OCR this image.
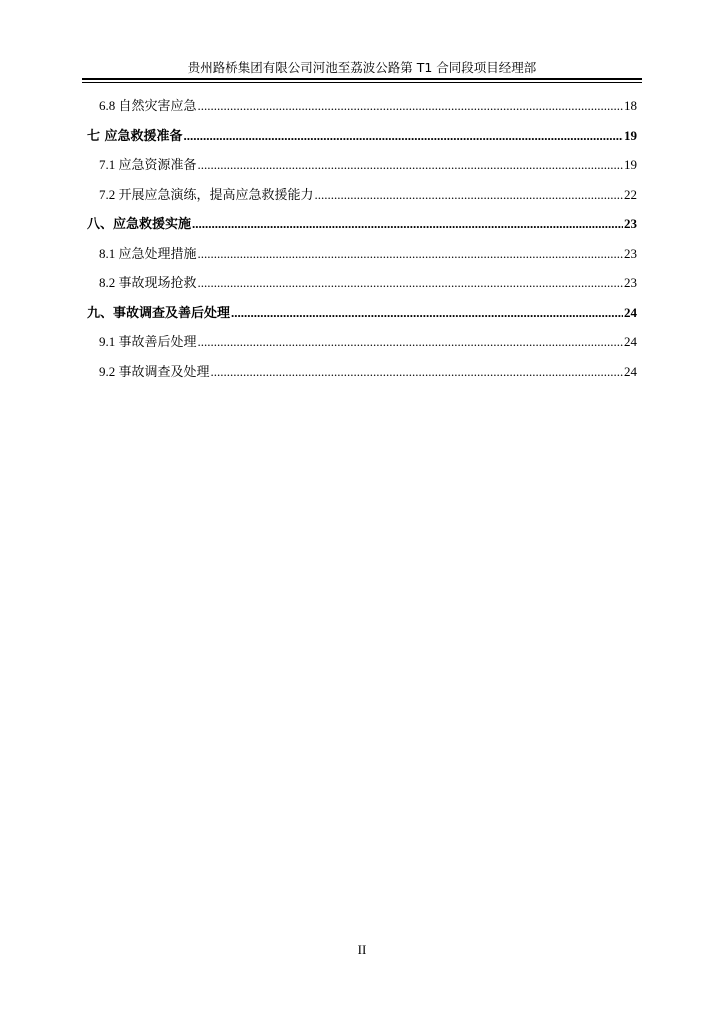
贵州路桥集团有限公司河池至荔波公路第 T1 合同段项目经理部
6.8 自然灾害应急 .....	18
七 应急救援准备 .....	19
7.1 应急资源准备 .....	19
7.2 开展应急演练，提高应急救援能力 .....	22
八、应急救援实施 .....	23
8.1 应急处理措施 .....	23
8.2 事故现场抢救 .....	23
九、事故调查及善后处理 .....	24
9.1 事故善后处理 .....	24
9.2 事故调查及处理 .....	24
II
